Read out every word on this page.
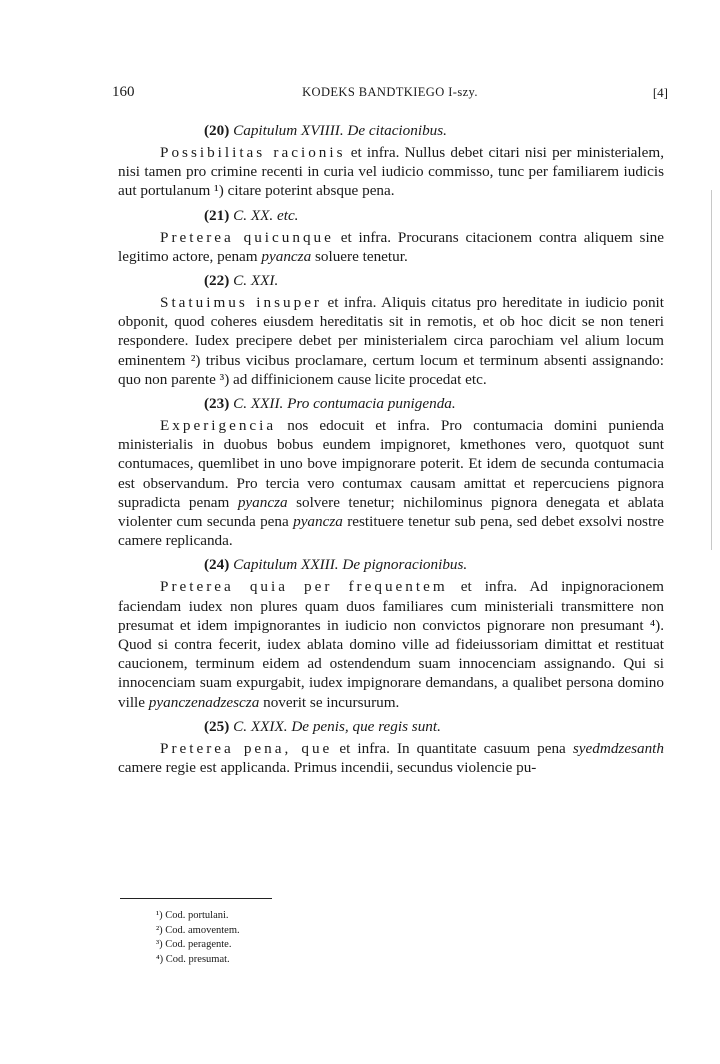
160	KODEKS BANDTKIEGO I-szy.	[4]
(20) Capitulum XVIIII. De citacionibus.

Possibilitas racionis et infra. Nullus debet citari nisi per ministerialem, nisi tamen pro crimine recenti in curia vel iudicio commisso, tunc per familiarem iudicis aut portulanum ¹) citare poterint absque pena.

(21) C. XX. etc.

Preterea quicunque et infra. Procurans citacionem contra aliquem sine legitimo actore, penam pyancza soluere tenetur.

(22) C. XXI.

Statuimus insuper et infra. Aliquis citatus pro hereditate in iudicio ponit obponit, quod coheres eiusdem hereditatis sit in remotis, et ob hoc dicit se non teneri respondere. Iudex precipere debet per ministerialem circa parochiam vel alium locum eminentem ²) tribus vicibus proclamare, certum locum et terminum absenti assignando: quo non parente ³) ad diffinicionem cause licite procedat etc.

(23) C. XXII. Pro contumacia punigenda.

Experigencia nos edocuit et infra. Pro contumacia domini punienda ministerialis in duobus bobus eundem impignoret, kmethones vero, quotquot sunt contumaces, quemlibet in uno bove impignorare poterit. Et idem de secunda contumacia est observandum. Pro tercia vero contumax causam amittat et repercuciens pignora supradicta penam pyancza solvere tenetur; nichilominus pignora denegata et ablata violenter cum secunda pena pyancza restituere tenetur sub pena, sed debet exsolvi nostre camere replicanda.

(24) Capitulum XXIII. De pignoracionibus.

Preterea quia per frequentem et infra. Ad inpignoracionem faciendam iudex non plures quam duos familiares cum ministeriali transmittere non presumat et idem impignorantes in iudicio non convictos pignorare non presumant ⁴). Quod si contra fecerit, iudex ablata domino ville ad fideiussoriam dimittat et restituat caucionem, terminum eidem ad ostendendum suam innocenciam assignando. Qui si innocenciam suam expurgabit, iudex impignorare demandans, a qualibet persona domino ville pyanczenadzescza noverit se incursurum.

(25) C. XXIX. De penis, que regis sunt.

Preterea pena, que et infra. In quantitate casuum pena syedmdzesanth camere regie est applicanda. Primus incendii, secundus violencie pu-

¹) Cod. portulani.
²) Cod. amoventem.
³) Cod. peragente.
⁴) Cod. presumat.
